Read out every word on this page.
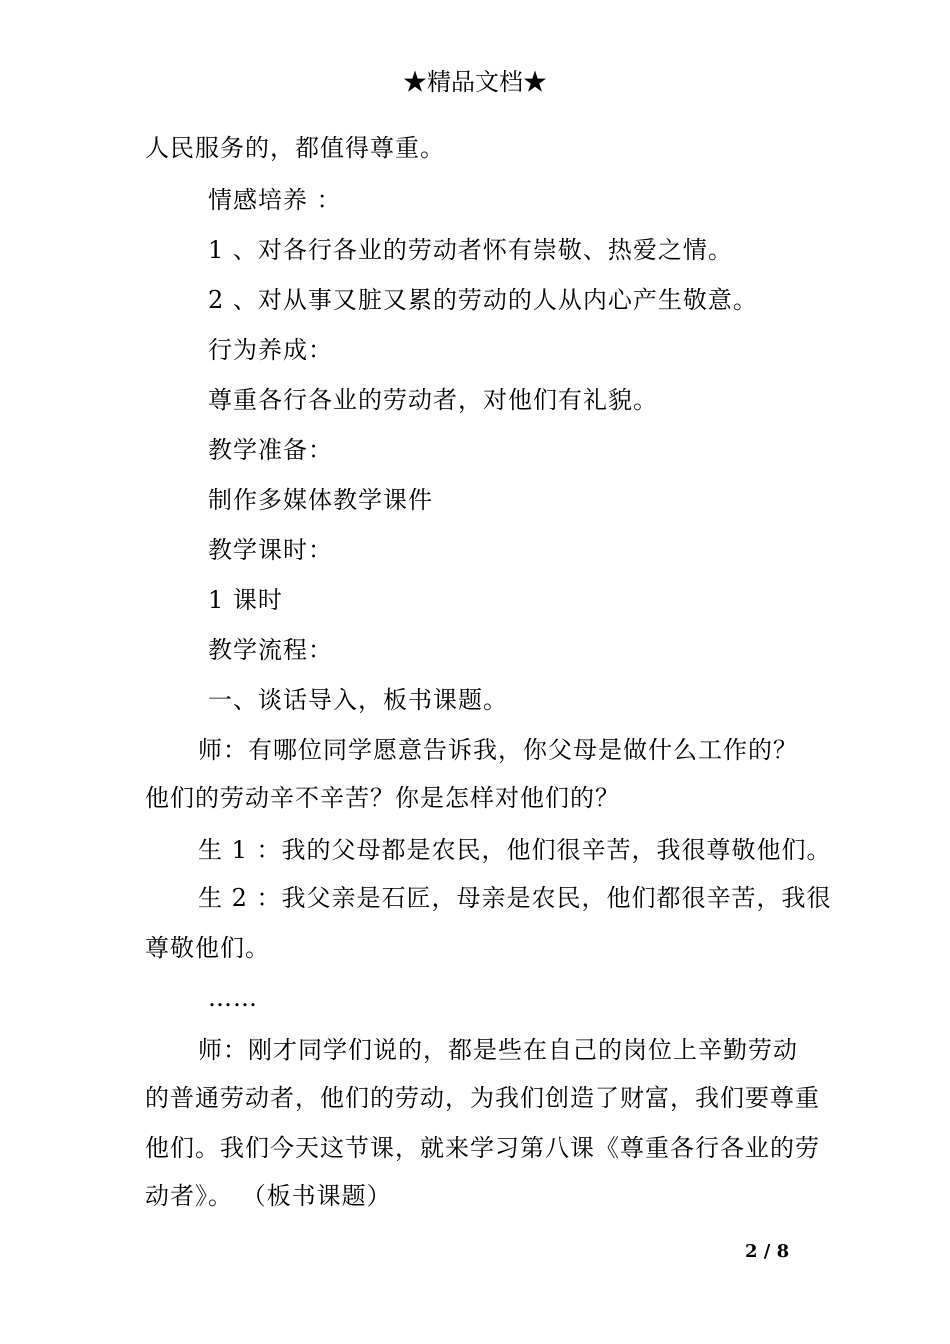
★精品文档★
人民服务的，都值得尊重。
情感培养 ：
1 、对各行各业的劳动者怀有崇敬、热爱之情。
2 、对从事又脏又累的劳动的人从内心产生敬意。
行为养成：
尊重各行各业的劳动者，对他们有礼貌。
教学准备：
制作多媒体教学课件
教学课时：
1 课时
教学流程：
一、谈话导入，板书课题。
师：有哪位同学愿意告诉我，你父母是做什么工作的？
他们的劳动辛不辛苦？你是怎样对他们的？
生 1 ：我的父母都是农民，他们很辛苦，我很尊敬他们。
生 2 ：我父亲是石匠，母亲是农民，他们都很辛苦，我很
尊敬他们。
……
师：刚才同学们说的，都是些在自己的岗位上辛勤劳动
的普通劳动者，他们的劳动，为我们创造了财富，我们要尊重
他们。我们今天这节课，就来学习第八课《尊重各行各业的劳
动者》。 （板书课题）
2 / 8
